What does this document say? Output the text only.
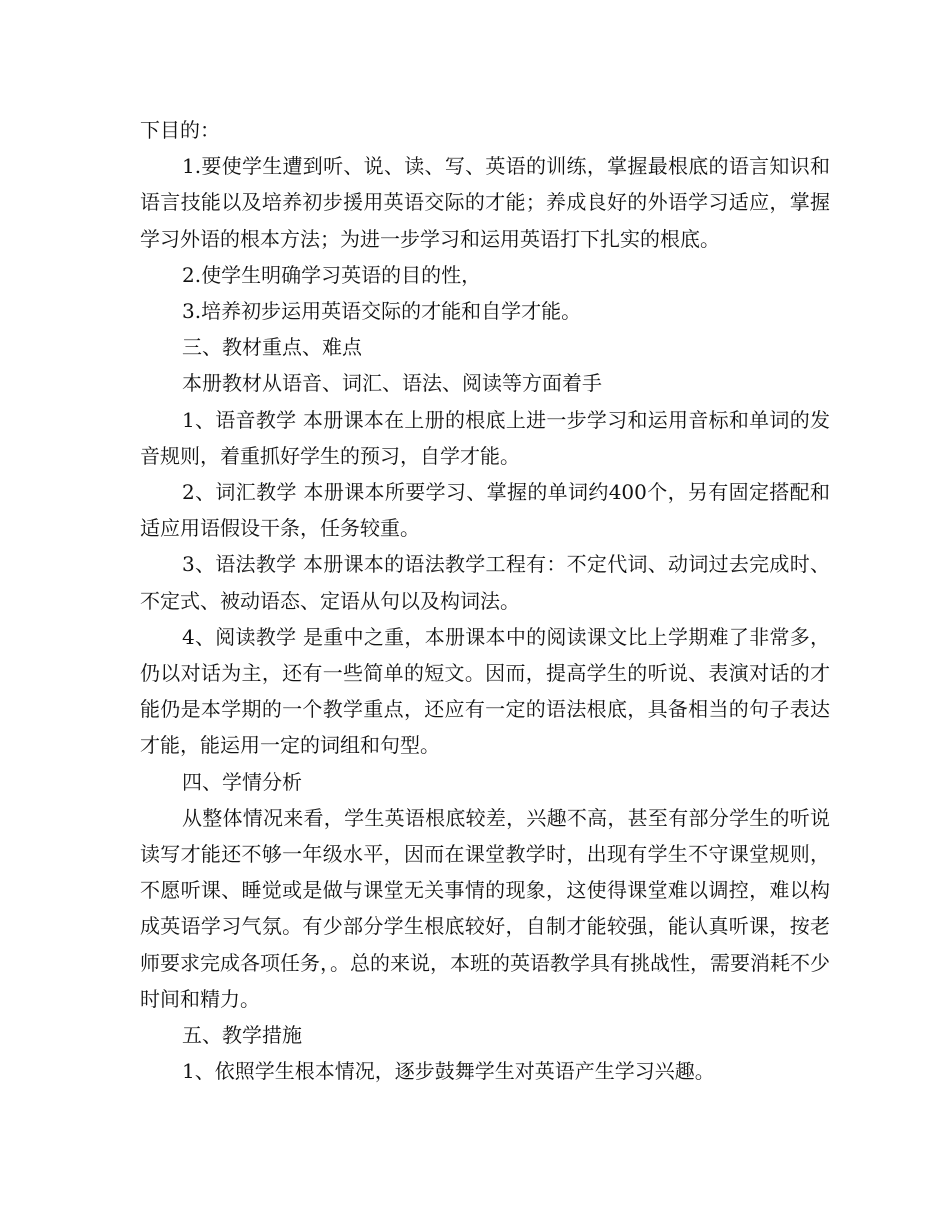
下目的：

1.要使学生遭到听、说、读、写、英语的训练，掌握最根底的语言知识和语言技能以及培养初步援用英语交际的才能；养成良好的外语学习适应，掌握学习外语的根本方法；为进一步学习和运用英语打下扎实的根底。

2.使学生明确学习英语的目的性，

3.培养初步运用英语交际的才能和自学才能。

三、教材重点、难点

本册教材从语音、词汇、语法、阅读等方面着手

1、语音教学 本册课本在上册的根底上进一步学习和运用音标和单词的发音规则，着重抓好学生的预习，自学才能。

2、词汇教学 本册课本所要学习、掌握的单词约400个，另有固定搭配和适应用语假设干条，任务较重。

3、语法教学 本册课本的语法教学工程有：不定代词、动词过去完成时、不定式、被动语态、定语从句以及构词法。

4、阅读教学 是重中之重，本册课本中的阅读课文比上学期难了非常多，仍以对话为主，还有一些简单的短文。因而，提高学生的听说、表演对话的才能仍是本学期的一个教学重点，还应有一定的语法根底，具备相当的句子表达才能，能运用一定的词组和句型。

四、学情分析

从整体情况来看，学生英语根底较差，兴趣不高，甚至有部分学生的听说读写才能还不够一年级水平，因而在课堂教学时，出现有学生不守课堂规则，不愿听课、睡觉或是做与课堂无关事情的现象，这使得课堂难以调控，难以构成英语学习气氛。有少部分学生根底较好，自制才能较强，能认真听课，按老师要求完成各项任务，。总的来说，本班的英语教学具有挑战性，需要消耗不少时间和精力。

五、教学措施

1、依照学生根本情况，逐步鼓舞学生对英语产生学习兴趣。
